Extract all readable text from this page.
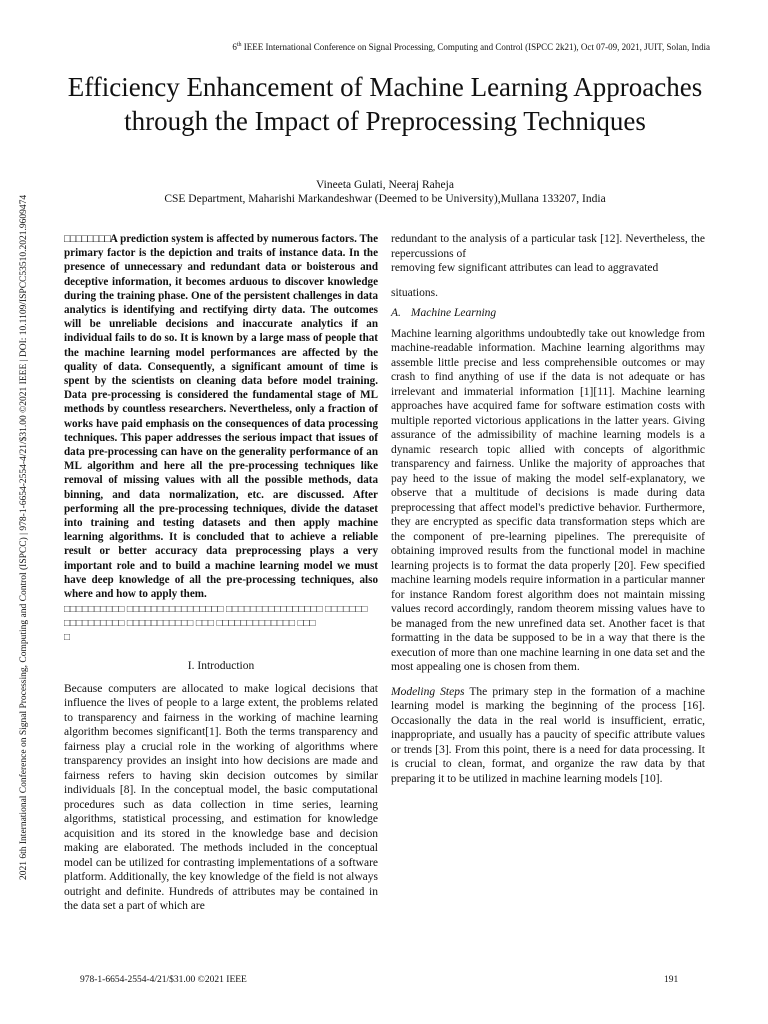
6th IEEE International Conference on Signal Processing, Computing and Control (ISPCC 2k21), Oct 07-09, 2021, JUIT, Solan, India
2021 6th International Conference on Signal Processing, Computing and Control (ISPCC) | 978-1-6654-2554-4/21/$31.00 ©2021 IEEE | DOI: 10.1109/ISPCC53510.2021.9609474
Efficiency Enhancement of Machine Learning Approaches through the Impact of Preprocessing Techniques
Vineeta Gulati, Neeraj Raheja
CSE Department, Maharishi Markandeshwar (Deemed to be University),Mullana 133207, India

□□□□□□□□A prediction system is affected by numerous factors. The primary factor is the depiction and traits of instance data. In the presence of unnecessary and redundant data or boisterous and deceptive information, it becomes arduous to discover knowledge during the training phase. One of the persistent challenges in data analytics is identifying and rectifying dirty data. The outcomes will be unreliable decisions and inaccurate analytics if an individual fails to do so. It is known by a large mass of people that the machine learning model performances are affected by the quality of data. Consequently, a significant amount of time is spent by the scientists on cleaning data before model training. Data pre-processing is considered the fundamental stage of ML methods by countless researchers. Nevertheless, only a fraction of works have paid emphasis on the consequences of data processing techniques. This paper addresses the serious impact that issues of data pre-processing can have on the generality performance of an ML algorithm and here all the pre-processing techniques like removal of missing values with all the possible methods, data binning, and data normalization, etc. are discussed. After performing all the pre-processing techniques, divide the dataset into training and testing datasets and then apply machine learning algorithms. It is concluded that to achieve a reliable result or better accuracy data preprocessing plays a very important role and to build a machine learning model we must have deep knowledge of all the pre-processing techniques, also where and how to apply them.

□□□□□□□□□□ □□□□□□□□□□□□□□□□ □□□□□□□□□□□□□□□□ □□□□□□□
□□□□□□□□□□ □□□□□□□□□□□ □□□ □□□□□□□□□□□□□ □□□
□
I. Introduction

Because computers are allocated to make logical decisions that influence the lives of people to a large extent, the problems related to transparency and fairness in the working of machine learning algorithm becomes significant[1]. Both the terms transparency and fairness play a crucial role in the working of algorithms where transparency provides an insight into how decisions are made and fairness refers to having skin decision outcomes by similar individuals [8]. In the conceptual model, the basic computational procedures such as data collection in time series, learning algorithms, statistical processing, and estimation for knowledge acquisition and its stored in the knowledge base and decision making are elaborated. The methods included in the conceptual model can be utilized for contrasting implementations of a software platform. Additionally, the key knowledge of the field is not always outright and definite. Hundreds of attributes may be contained in the data set a part of which are

redundant to the analysis of a particular task [12]. Nevertheless, the repercussions of

removing few significant attributes can lead to aggravated

situations.

A. Machine Learning

Machine learning algorithms undoubtedly take out knowledge from machine-readable information. Machine learning algorithms may assemble little precise and less comprehensible outcomes or may crash to find anything of use if the data is not adequate or has irrelevant and immaterial information [1][11]. Machine learning approaches have acquired fame for software estimation costs with multiple reported victorious applications in the latter years. Giving assurance of the admissibility of machine learning models is a dynamic research topic allied with concepts of algorithmic transparency and fairness. Unlike the majority of approaches that pay heed to the issue of making the model self-explanatory, we observe that a multitude of decisions is made during data preprocessing that affect model's predictive behavior. Furthermore, they are encrypted as specific data transformation steps which are the component of pre-learning pipelines. The prerequisite of obtaining improved results from the functional model in machine learning projects is to format the data properly [20]. Few specified machine learning models require information in a particular manner for instance Random forest algorithm does not maintain missing values record accordingly, random theorem missing values have to be managed from the new unrefined data set. Another facet is that formatting in the data be supposed to be in a way that there is the execution of more than one machine learning in one data set and the most appealing one is chosen from them.

Modeling Steps The primary step in the formation of a machine learning model is marking the beginning of the process [16]. Occasionally the data in the real world is insufficient, erratic, inappropriate, and usually has a paucity of specific attribute values or trends [3]. From this point, there is a need for data processing. It is crucial to clean, format, and organize the raw data by that preparing it to be utilized in machine learning models [10].

978-1-6654-2554-4/21/$31.00 ©2021 IEEE	191
